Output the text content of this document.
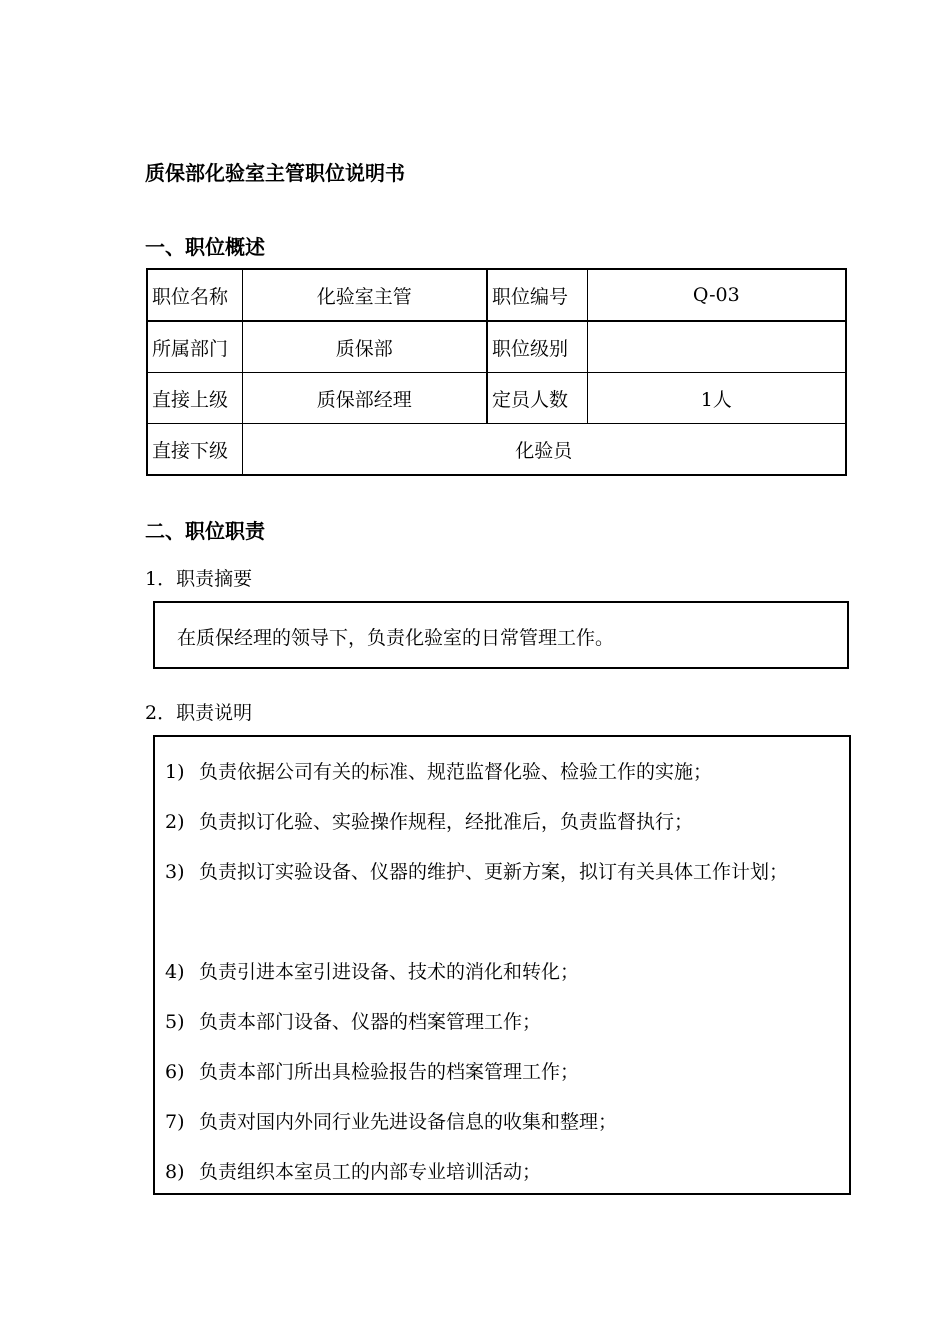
质保部化验室主管职位说明书
一、职位概述
职位名称	化验室主管	职位编号	Q-03
所属部门	质保部	职位级别	
直接上级	质保部经理	定员人数	1人
直接下级	化验员		
二、职位职责
1．职责摘要
在质保经理的领导下，负责化验室的日常管理工作。
2．职责说明
1) 负责依据公司有关的标准、规范监督化验、检验工作的实施；
2) 负责拟订化验、实验操作规程，经批准后，负责监督执行；
3) 负责拟订实验设备、仪器的维护、更新方案，拟订有关具体工作计划；
4) 负责引进本室引进设备、技术的消化和转化；
5) 负责本部门设备、仪器的档案管理工作；
6) 负责本部门所出具检验报告的档案管理工作；
7) 负责对国内外同行业先进设备信息的收集和整理；
8) 负责组织本室员工的内部专业培训活动；
